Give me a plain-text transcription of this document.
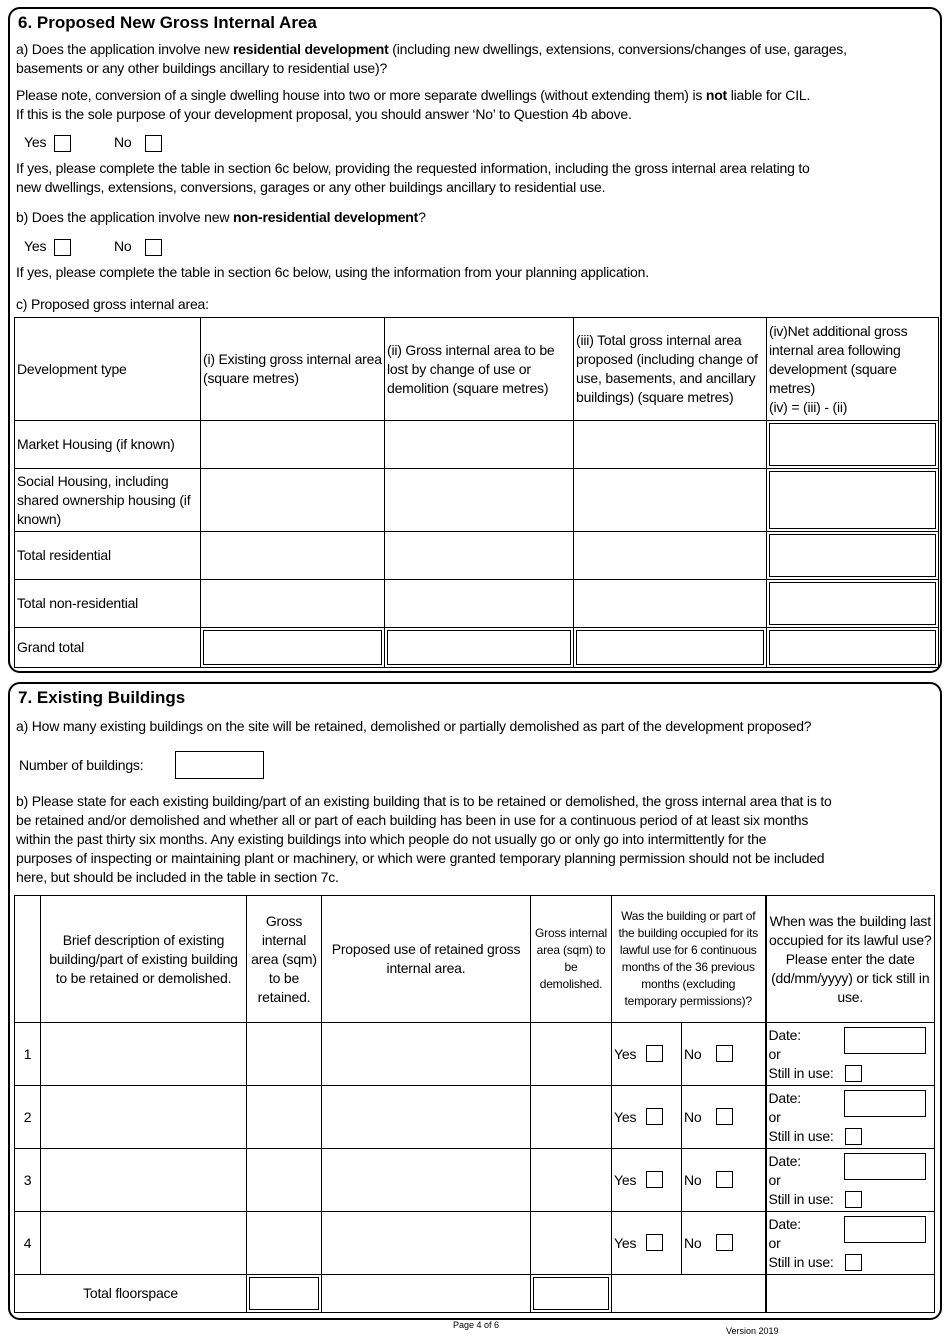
6. Proposed New Gross Internal Area
a) Does the application involve new residential development (including new dwellings, extensions, conversions/changes of use, garages,
basements or any other buildings ancillary to residential use)?
Please note, conversion of a single dwelling house into two or more separate dwellings (without extending them) is not liable for CIL.
If this is the sole purpose of your development proposal, you should answer ‘No’ to Question 4b above.
Yes	No
If yes, please complete the table in section 6c below, providing the requested information, including the gross internal area relating to
new dwellings, extensions, conversions, garages or any other buildings ancillary to residential use.
b) Does the application involve new non-residential development?
Yes	No
If yes, please complete the table in section 6c below, using the information from your planning application.
c) Proposed gross internal area:
Development type	(i) Existing gross internal area (square metres)	(ii) Gross internal area to be lost by change of use or demolition (square metres)	(iii) Total gross internal area proposed (including change of use, basements, and ancillary buildings) (square metres)	(iv)Net additional gross internal area following development (square metres)
(iv) = (iii) - (ii)
Market Housing (if known)				

Social Housing, including shared ownership housing (if known)				

Total residential				

Total non-residential				

Grand total	

7. Existing Buildings
a) How many existing buildings on the site will be retained, demolished or partially demolished as part of the development proposed?
Number of buildings:
b) Please state for each existing building/part of an existing building that is to be retained or demolished, the gross internal area that is to
be retained and/or demolished and whether all or part of each building has been in use for a continuous period of at least six months
within the past thirty six months. Any existing buildings into which people do not usually go or only go into intermittently for the
purposes of inspecting or maintaining plant or machinery, or which were granted temporary planning permission should not be included
here, but should be included in the table in section 7c.
	Brief description of existing building/part of existing building to be retained or demolished.	Gross internal area (sqm) to be retained.	Proposed use of retained gross internal area.	Gross internal area (sqm) to be demolished.	Was the building or part of the building occupied for its lawful use for 6 continuous months of the 36 previous months (excluding temporary permissions)?		When was the building last occupied for its lawful use? Please enter the date (dd/mm/yyyy) or tick still in use.
1					Yes	No	Date:
or
Still in use:

2					Yes	No	Date:
or
Still in use:

3					Yes	No	Date:
or
Still in use:

4					Yes	No	Date:
or
Still in use:

Total floorspace			

Page 4 of 6
Version 2019
